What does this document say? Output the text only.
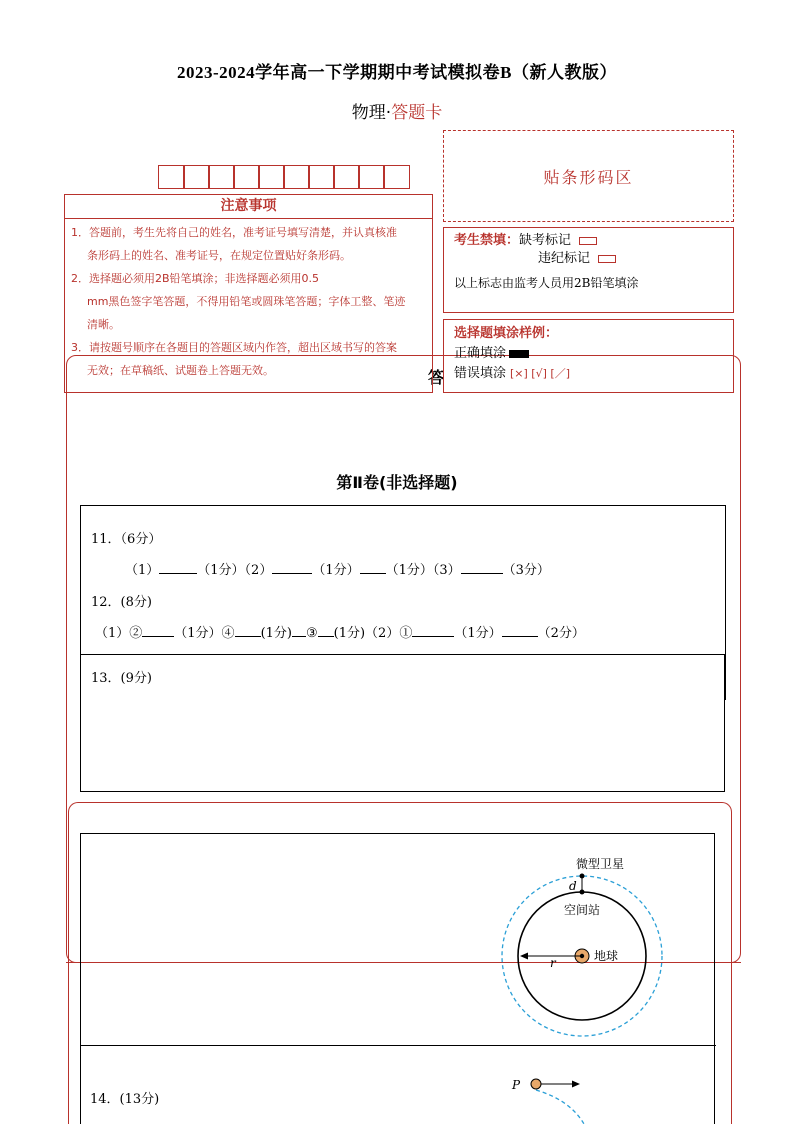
2023-2024学年高一下学期期中考试模拟卷B（新人教版）
物理·答题卡
贴条形码区
答
注意事项

1．答题前，考生先将自己的姓名，准考证号填写清楚，并认真核准

条形码上的姓名、准考证号，在规定位置贴好条形码。

2．选择题必须用2B铅笔填涂；非选择题必须用0.5

mm黑色签字笔答题，不得用铅笔或圆珠笔答题；字体工整、笔迹

清晰。

3．请按题号顺序在各题目的答题区域内作答，超出区域书写的答案

无效；在草稿纸、试题卷上答题无效。

考生禁填：缺考标记
违纪标记
以上标志由监考人员用2B铅笔填涂
选择题填涂样例：
正确填涂
错误填涂 [×] [√] [／]
第Ⅱ卷(非选择题)
11．（6分）
（1）	（1分）（2）	（1分） （1分）（3）	（3分）
12．(8分)
（1）② （1分）④ (1分) ③ (1分)（2）①	（1分）	（2分）
13．(9分)
微型卫星
d
空间站
地球
r
P
14．(13分)
